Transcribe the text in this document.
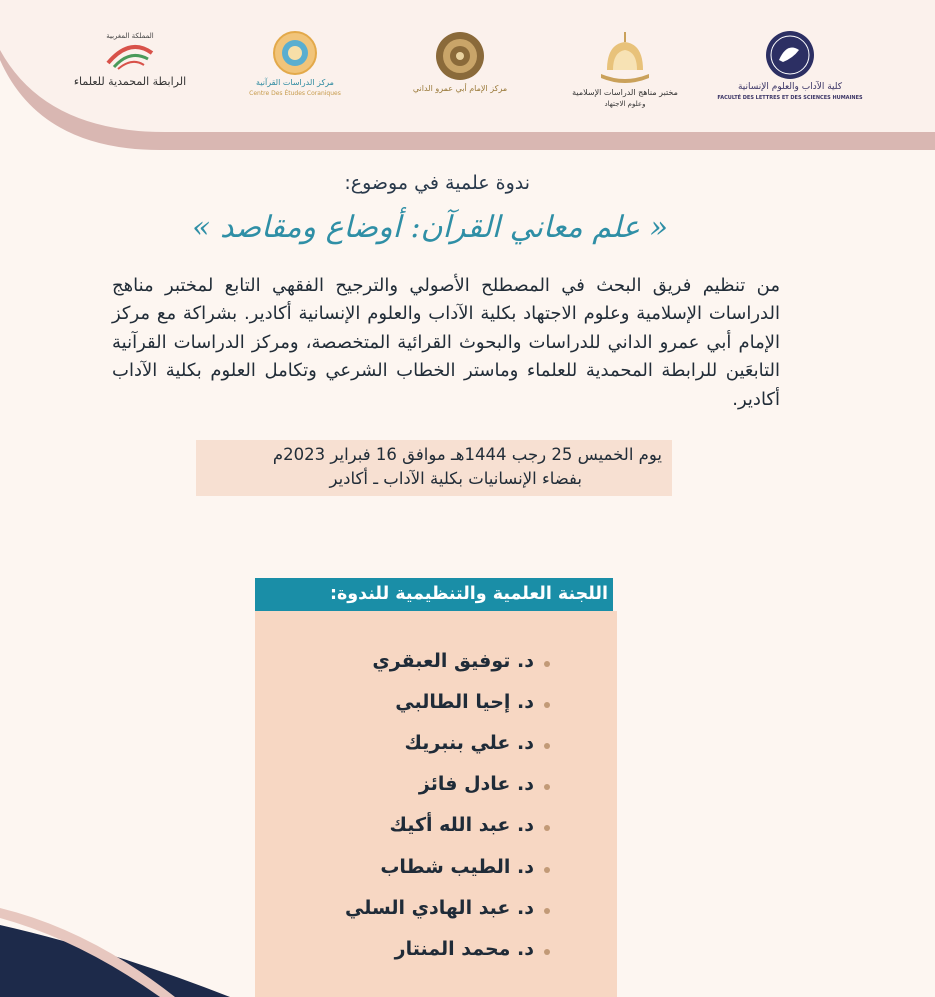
المملكة المغربية
الرابطة المحمدية للعلماء	مركز الدراسات القرآنية
Centre Des Études Coraniques
مركز الإمام أبي عمرو الداني	مختبر مناهج الدراسات الإسلامية
وعلوم الاجتهاد
كلية الآداب والعلوم الإنسانية
FACULTÉ DES LETTRES ET DES SCIENCES HUMAINES
ندوة علمية في موضوع:
« علم معاني القرآن: أوضاع ومقاصد »
من تنظيم فريق البحث في المصطلح الأصولي والترجيح الفقهي التابع لمختبر مناهج الدراسات الإسلامية وعلوم الاجتهاد بكلية الآداب والعلوم الإنسانية أكادير. بشراكة مع مركز الإمام أبي عمرو الداني للدراسات والبحوث القرائية المتخصصة، ومركز الدراسات القرآنية التابعَين للرابطة المحمدية للعلماء وماستر الخطاب الشرعي وتكامل العلوم بكلية الآداب أكادير.
يوم الخميس 25 رجب 1444هـ موافق 16 فبراير 2023م
بفضاء الإنسانيات بكلية الآداب ـ أكادير
اللجنة العلمية والتنظيمية للندوة:
د. توفيق العبقري
د. إحيا الطالبي
د. علي بنبريك
د. عادل فائز
د. عبد الله أكيك
د. الطيب شطاب
د. عبد الهادي السلي
د. محمد المنتار
